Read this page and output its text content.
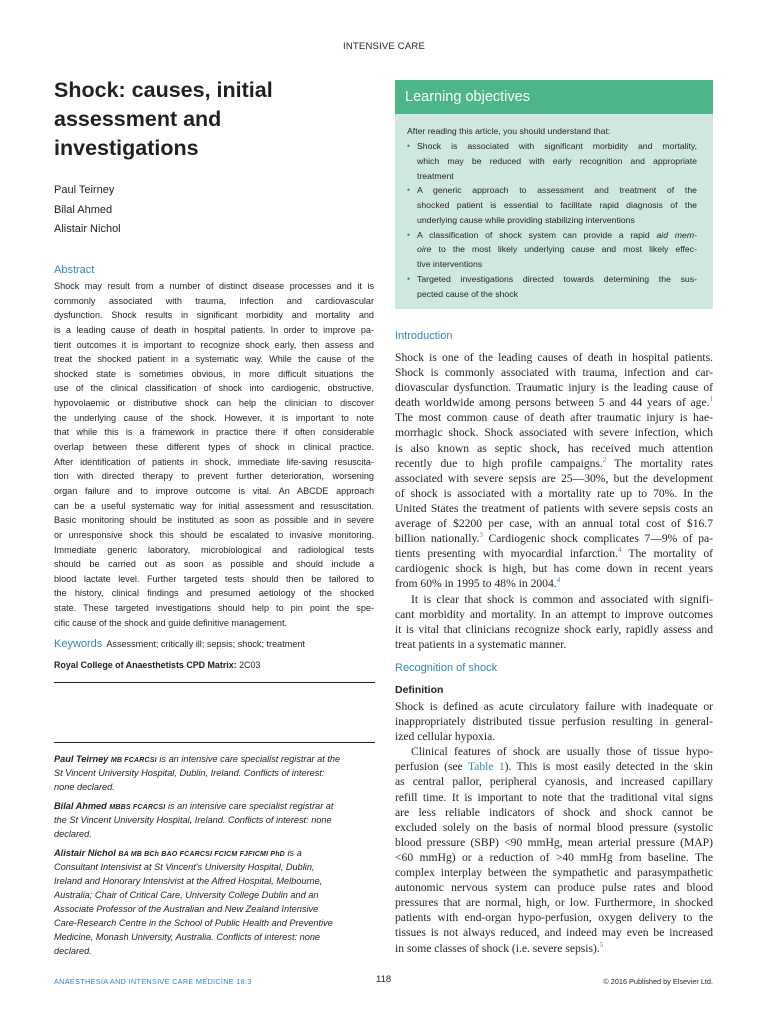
INTENSIVE CARE
Shock: causes, initial
assessment and
investigations
Paul Teirney
Bilal Ahmed
Alistair Nichol
Abstract
Shock may result from a number of distinct disease processes and it is
commonly associated with trauma, infection and cardiovascular
dysfunction. Shock results in significant morbidity and mortality and
is a leading cause of death in hospital patients. In order to improve pa-
tient outcomes it is important to recognize shock early, then assess and
treat the shocked patient in a systematic way. While the cause of the
shocked state is sometimes obvious, in more difficult situations the
use of the clinical classification of shock into cardiogenic, obstructive,
hypovolaemic or distributive shock can help the clinician to discover
the underlying cause of the shock. However, it is important to note
that while this is a framework in practice there if often considerable
overlap between these different types of shock in clinical practice.
After identification of patients in shock, immediate life-saving resuscita-
tion with directed therapy to prevent further deterioration, worsening
organ failure and to improve outcome is vital. An ABCDE approach
can be a useful systematic way for initial assessment and resuscitation.
Basic monitoring should be instituted as soon as possible and in severe
or unresponsive shock this should be escalated to invasive monitoring.
Immediate generic laboratory, microbiological and radiological tests
should be carried out as soon as possible and should include a
blood lactate level. Further targeted tests should then be tailored to
the history, clinical findings and presumed aetiology of the shocked
state. These targeted investigations should help to pin point the spe-
cific cause of the shock and guide definitive management.
Keywords Assessment; critically ill; sepsis; shock; treatment
Royal College of Anaesthetists CPD Matrix: 2C03
Paul Teirney MB FCARCSI is an intensive care specialist registrar at the
St Vincent University Hospital, Dublin, Ireland. Conflicts of interest:
none declared.
Bilal Ahmed MBBS FCARCSI is an intensive care specialist registrar at
the St Vincent University Hospital, Ireland. Conflicts of interest: none
declared.
Alistair Nichol BA MB BCh BAO FCARCSI FCICM FJFICMI PhD is a
Consultant Intensivist at St Vincent's University Hospital, Dublin,
Ireland and Honorary Intensivist at the Alfred Hospital, Melbourne,
Australia; Chair of Critical Care, University College Dublin and an
Associate Professor of the Australian and New Zealand Intensive
Care-Research Centre in the School of Public Health and Preventive
Medicine, Monash University, Australia. Conflicts of interest: none
declared.
Learning objectives
After reading this article, you should understand that:
• Shock is associated with significant morbidity and mortality,
which may be reduced with early recognition and appropriate
treatment
• A generic approach to assessment and treatment of the
shocked patient is essential to facilitate rapid diagnosis of the
underlying cause while providing stabilizing interventions
• A classification of shock system can provide a rapid aid mem-
oire to the most likely underlying cause and most likely effec-
tive interventions
• Targeted investigations directed towards determining the sus-
pected cause of the shock
Introduction
Shock is one of the leading causes of death in hospital patients.
Shock is commonly associated with trauma, infection and car-
diovascular dysfunction. Traumatic injury is the leading cause of
death worldwide among persons between 5 and 44 years of age.$^1$
The most common cause of death after traumatic injury is hae-
morrhagic shock. Shock associated with severe infection, which
is also known as septic shock, has received much attention
recently due to high profile campaigns.$^2$ The mortality rates
associated with severe sepsis are 25—30%, but the development
of shock is associated with a mortality rate up to 70%. In the
United States the treatment of patients with severe sepsis costs an
average of $2200 per case, with an annual total cost of $16.7
billion nationally.$^3$ Cardiogenic shock complicates 7—9% of pa-
tients presenting with myocardial infarction.$^4$ The mortality of
cardiogenic shock is high, but has come down in recent years
from 60% in 1995 to 48% in 2004.$^4$
It is clear that shock is common and associated with signifi-
cant morbidity and mortality. In an attempt to improve outcomes
it is vital that clinicians recognize shock early, rapidly assess and
treat patients in a systematic manner.
Recognition of shock
Definition
Shock is defined as acute circulatory failure with inadequate or
inappropriately distributed tissue perfusion resulting in general-
ized cellular hypoxia.
Clinical features of shock are usually those of tissue hypo-
perfusion (see Table 1). This is most easily detected in the skin
as central pallor, peripheral cyanosis, and increased capillary
refill time. It is important to note that the traditional vital signs
are less reliable indicators of shock and shock cannot be
excluded solely on the basis of normal blood pressure (systolic
blood pressure (SBP) <90 mmHg, mean arterial pressure (MAP)
<60 mmHg) or a reduction of >40 mmHg from baseline. The
complex interplay between the sympathetic and parasympathetic
autonomic nervous system can produce pulse rates and blood
pressures that are normal, high, or low. Furthermore, in shocked
patients with end-organ hypo-perfusion, oxygen delivery to the
tissues is not always reduced, and indeed may even be increased
in some classes of shock (i.e. severe sepsis).$^5$
ANAESTHESIA AND INTENSIVE CARE MEDICINE 18:3	118	© 2016 Published by Elsevier Ltd.
